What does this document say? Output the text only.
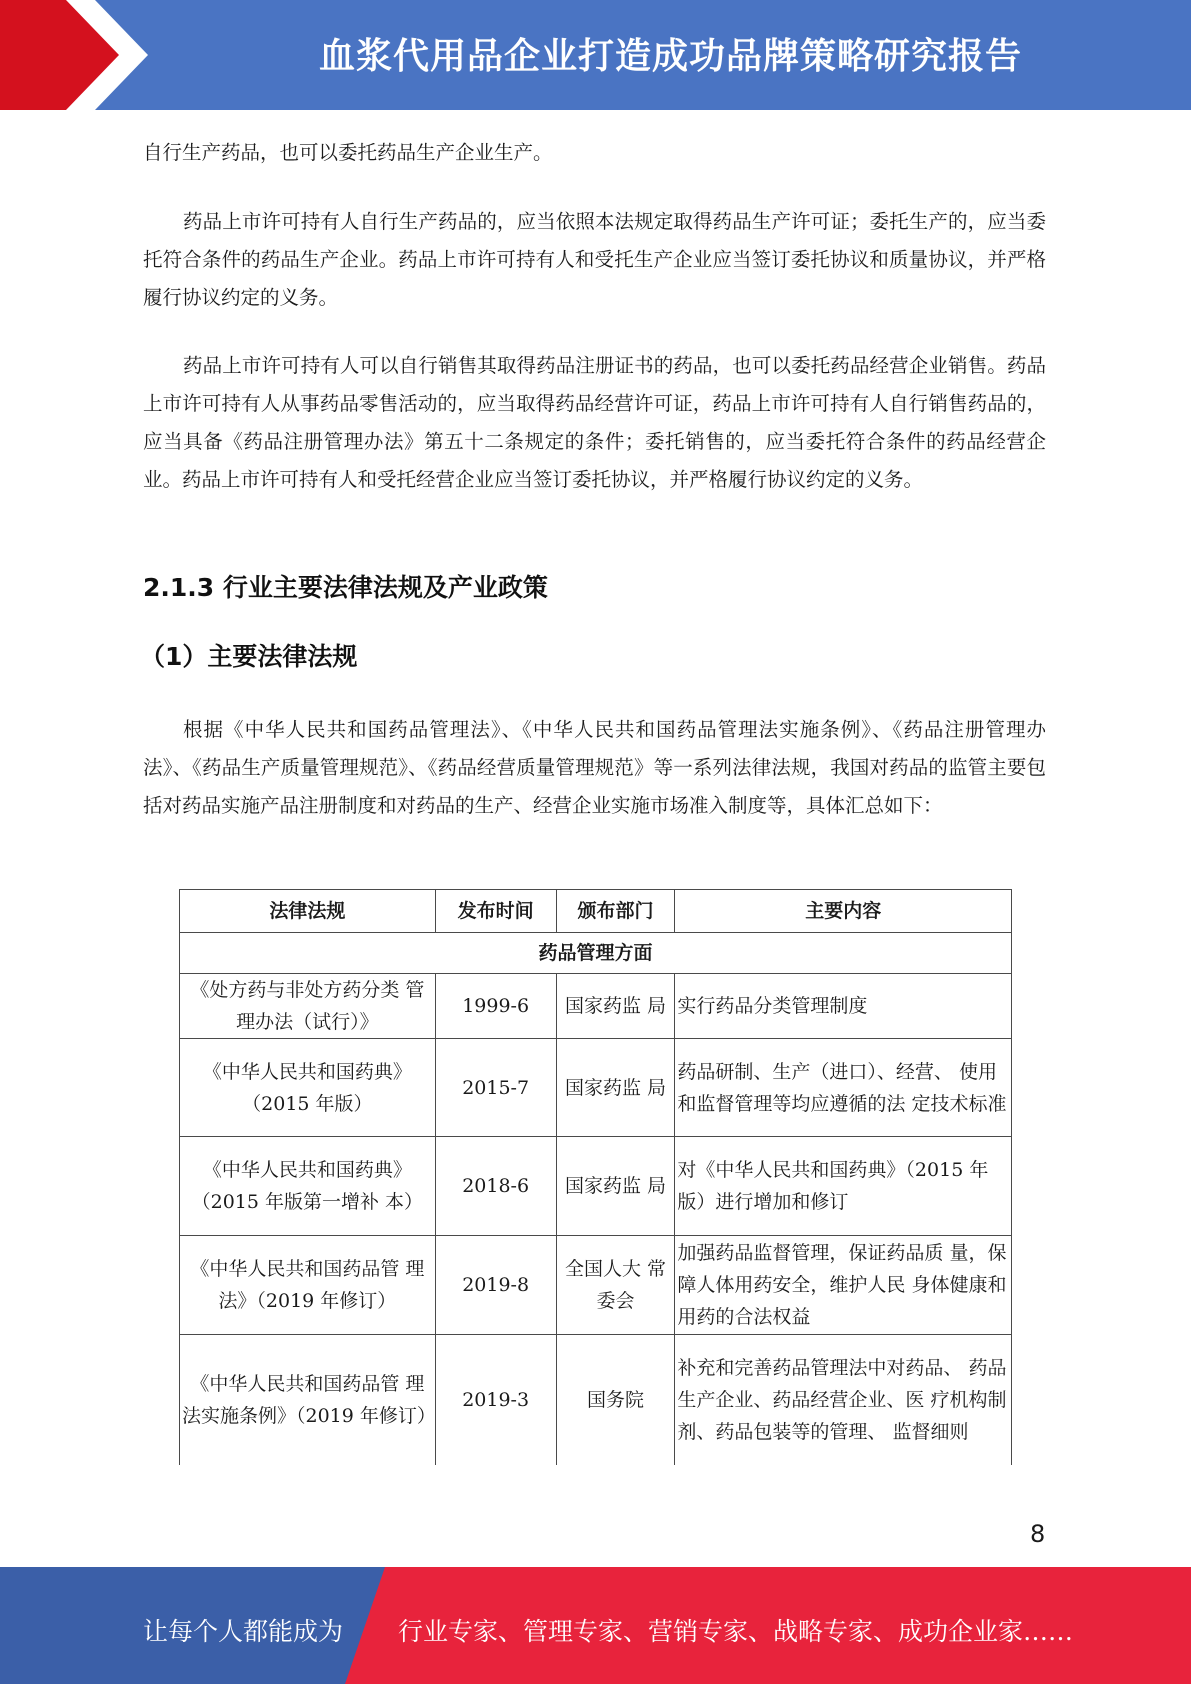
血浆代用品企业打造成功品牌策略研究报告

自行生产药品，也可以委托药品生产企业生产。

药品上市许可持有人自行生产药品的，应当依照本法规定取得药品生产许可证；委托生产的，应当委托符合条件的药品生产企业。药品上市许可持有人和受托生产企业应当签订委托协议和质量协议，并严格履行协议约定的义务。

药品上市许可持有人可以自行销售其取得药品注册证书的药品，也可以委托药品经营企业销售。药品上市许可持有人从事药品零售活动的，应当取得药品经营许可证，药品上市许可持有人自行销售药品的，应当具备《药品注册管理办法》第五十二条规定的条件；委托销售的，应当委托符合条件的药品经营企业。药品上市许可持有人和受托经营企业应当签订委托协议，并严格履行协议约定的义务。

2.1.3 行业主要法律法规及产业政策
（1）主要法律法规

根据《中华人民共和国药品管理法》、《中华人民共和国药品管理法实施条例》、《药品注册管理办法》、《药品生产质量管理规范》、《药品经营质量管理规范》等一系列法律法规，我国对药品的监管主要包括对药品实施产品注册制度和对药品的生产、经营企业实施市场准入制度等，具体汇总如下：

法律法规	发布时间	颁布部门	主要内容
药品管理方面			
《处方药与非处方药分类 管理办法（试行）》	1999-6	国家药监 局	实行药品分类管理制度
《中华人民共和国药典》（2015 年版）	2015-7	国家药监 局	药品研制、生产（进口）、经营、 使用和监督管理等均应遵循的法 定技术标准
《中华人民共和国药典》（2015 年版第一增补 本）	2018-6	国家药监 局	对《中华人民共和国药典》（2015 年版）进行增加和修订
《中华人民共和国药品管 理法》（2019 年修订）	2019-8	全国人大 常委会	加强药品监督管理，保证药品质 量，保障人体用药安全，维护人民 身体健康和用药的合法权益
《中华人民共和国药品管 理法实施条例》（2019 年修订）	2019-3	国务院	补充和完善药品管理法中对药品、 药品生产企业、药品经营企业、医 疗机构制剂、药品包装等的管理、 监督细则
8
让每个人都能成为 行业专家、管理专家、营销专家、战略专家、成功企业家……
